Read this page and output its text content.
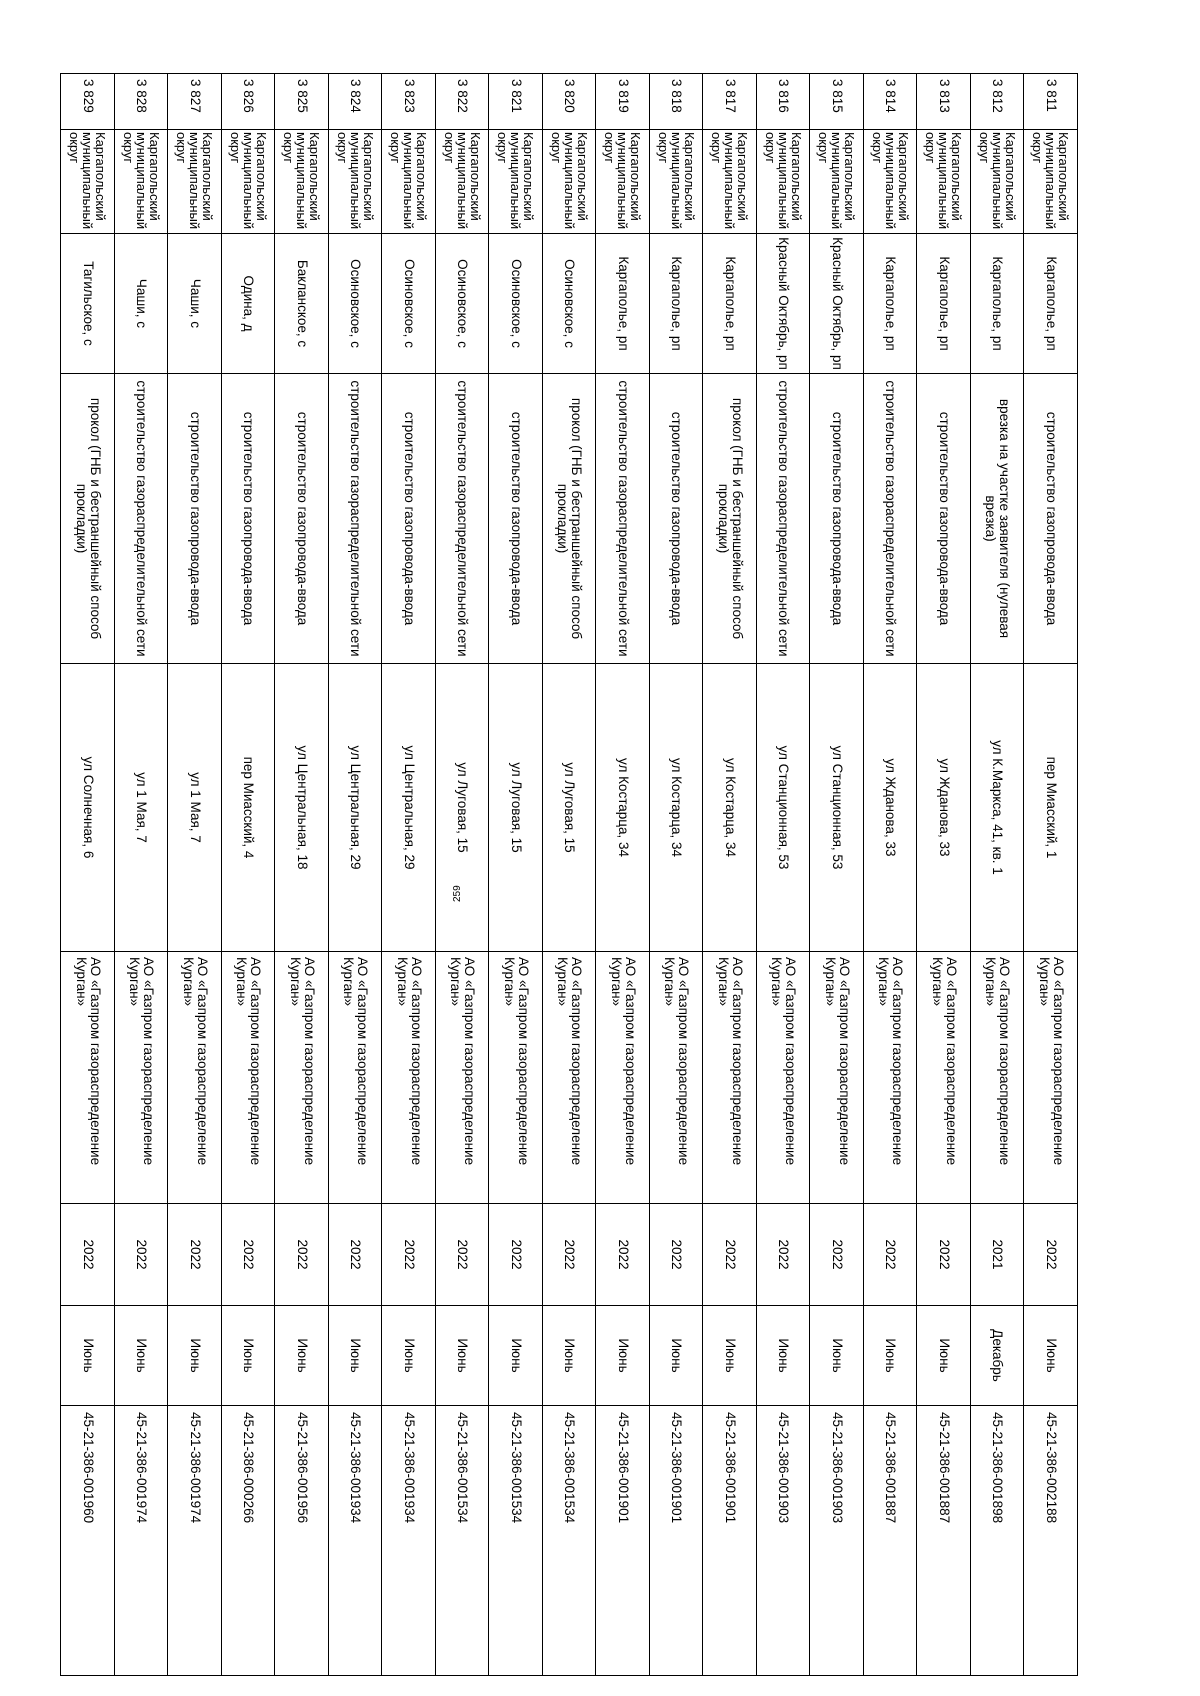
259
3 811	Каргапольский муниципальный округ	Каргаполье, рп	строительство газопровода-ввода	пер Миасский, 1	АО «Газпром газораспределение Курган»	2022	Июнь	45-21-386-002188
3 812	Каргапольский муниципальный округ	Каргаполье, рп	врезка на участке заявителя (нулевая врезка)	ул К.Маркса, 41, кв. 1	АО «Газпром газораспределение Курган»	2021	Декабрь	45-21-386-001898
3 813	Каргапольский муниципальный округ	Каргаполье, рп	строительство газопровода-ввода	ул Жданова, 33	АО «Газпром газораспределение Курган»	2022	Июнь	45-21-386-001887
3 814	Каргапольский муниципальный округ	Каргаполье, рп	строительство газораспределительной сети	ул Жданова, 33	АО «Газпром газораспределение Курган»	2022	Июнь	45-21-386-001887
3 815	Каргапольский муниципальный округ	Красный Октябрь, рп	строительство газопровода-ввода	ул Станционная, 53	АО «Газпром газораспределение Курган»	2022	Июнь	45-21-386-001903
3 816	Каргапольский муниципальный округ	Красный Октябрь, рп	строительство газораспределительной сети	ул Станционная, 53	АО «Газпром газораспределение Курган»	2022	Июнь	45-21-386-001903
3 817	Каргапольский муниципальный округ	Каргаполье, рп	прокол (ГНБ и бестраншейный способ прокладки)	ул Костарца, 34	АО «Газпром газораспределение Курган»	2022	Июнь	45-21-386-001901
3 818	Каргапольский муниципальный округ	Каргаполье, рп	строительство газопровода-ввода	ул Костарца, 34	АО «Газпром газораспределение Курган»	2022	Июнь	45-21-386-001901
3 819	Каргапольский муниципальный округ	Каргаполье, рп	строительство газораспределительной сети	ул Костарца, 34	АО «Газпром газораспределение Курган»	2022	Июнь	45-21-386-001901
3 820	Каргапольский муниципальный округ	Осиновское, с	прокол (ГНБ и бестраншейный способ прокладки)	ул Луговая, 15	АО «Газпром газораспределение Курган»	2022	Июнь	45-21-386-001534
3 821	Каргапольский муниципальный округ	Осиновское, с	строительство газопровода-ввода	ул Луговая, 15	АО «Газпром газораспределение Курган»	2022	Июнь	45-21-386-001534
3 822	Каргапольский муниципальный округ	Осиновское, с	строительство газораспределительной сети	ул Луговая, 15	АО «Газпром газораспределение Курган»	2022	Июнь	45-21-386-001534
3 823	Каргапольский муниципальный округ	Осиновское, с	строительство газопровода-ввода	ул Центральная, 29	АО «Газпром газораспределение Курган»	2022	Июнь	45-21-386-001934
3 824	Каргапольский муниципальный округ	Осиновское, с	строительство газораспределительной сети	ул Центральная, 29	АО «Газпром газораспределение Курган»	2022	Июнь	45-21-386-001934
3 825	Каргапольский муниципальный округ	Бакланское, с	строительство газопровода-ввода	ул Центральная, 18	АО «Газпром газораспределение Курган»	2022	Июнь	45-21-386-001956
3 826	Каргапольский муниципальный округ	Одина, д	строительство газопровода-ввода	пер Миасский, 4	АО «Газпром газораспределение Курган»	2022	Июнь	45-21-386-000266
3 827	Каргапольский муниципальный округ	Чаши, с	строительство газопровода-ввода	ул 1 Мая, 7	АО «Газпром газораспределение Курган»	2022	Июнь	45-21-386-001974
3 828	Каргапольский муниципальный округ	Чаши, с	строительство газораспределительной сети	ул 1 Мая, 7	АО «Газпром газораспределение Курган»	2022	Июнь	45-21-386-001974
3 829	Каргапольский муниципальный округ	Тагильское, с	прокол (ГНБ и бестраншейный способ прокладки)	ул Солнечная, 6	АО «Газпром газораспределение Курган»	2022	Июнь	45-21-386-001960
